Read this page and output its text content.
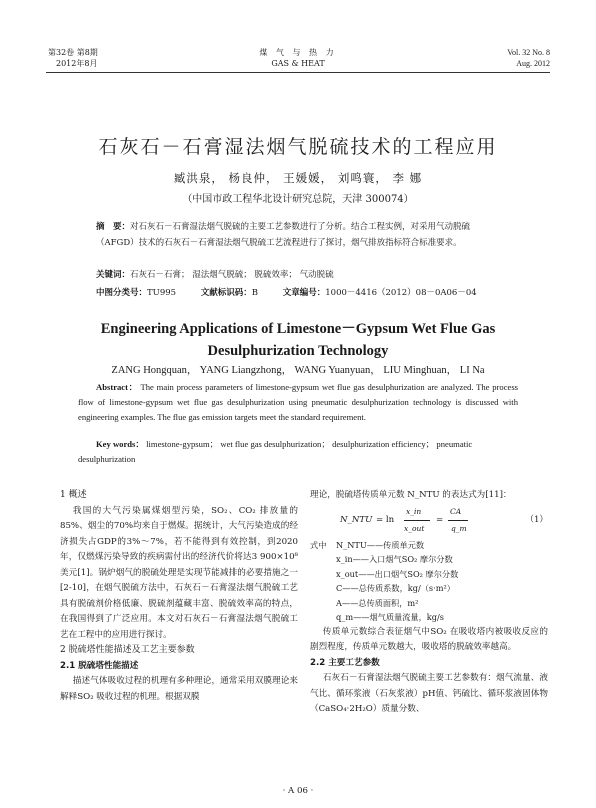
第32卷 第8期
2012年8月
煤 气 与 热 力
GAS & HEAT
Vol. 32 No. 8
Aug. 2012
石灰石－石膏湿法烟气脱硫技术的工程应用
臧洪泉， 杨良仲， 王媛媛， 刘鸣寰， 李 娜
（中国市政工程华北设计研究总院，天津 300074）

摘　要：对石灰石－石膏湿法烟气脱硫的主要工艺参数进行了分析。结合工程实例，对采用气动脱硫（AFGD）技术的石灰石－石膏湿法烟气脱硫工艺流程进行了探讨，烟气排放指标符合标准要求。

关键词：石灰石－石膏； 湿法烟气脱硫； 脱硫效率； 气动脱硫
中图分类号：TU995	文献标识码：B	文章编号：1000－4416（2012）08－0A06－04
Engineering Applications of Limestone－Gypsum Wet Flue Gas Desulphurization Technology
ZANG Hongquan， YANG Liangzhong， WANG Yuanyuan， LIU Minghuan， LI Na

Abstract： The main process parameters of limestone-gypsum wet flue gas desulphurization are analyzed. The process flow of limestone-gypsum wet flue gas desulphurization using pneumatic desulphurization technology is discussed with engineering examples. The flue gas emission targets meet the standard requirement.

Key words： limestone-gypsum； wet flue gas desulphurization； desulphurization efficiency； pneumatic desulphurization

1 概述

我国的大气污染属煤烟型污染，SO₂、CO₂ 排放量的85%、烟尘的70%均来自于燃煤。据统计，大气污染造成的经济损失占GDP的3%～7%，若不能得到有效控制，到2020年，仅燃煤污染导致的疾病需付出的经济代价将达3 900×10⁸ 美元[1]。锅炉烟气的脱硫处理是实现节能减排的必要措施之一[2-10]，在烟气脱硫方法中，石灰石－石膏湿法烟气脱硫工艺具有脱硫剂价格低廉、脱硫剂蕴藏丰富、脱硫效率高的特点，在我国得到了广泛应用。本文对石灰石－石膏湿法烟气脱硫工艺在工程中的应用进行探讨。

2 脱硫塔性能描述及工艺主要参数

2.1 脱硫塔性能描述

描述气体吸收过程的机理有多种理论，通常采用双膜理论来解释SO₂ 吸收过程的机理。根据双膜

理论，脱硫塔传质单元数 N_NTU 的表达式为[11]：

N_NTU = ln
x_in
x_out
=
CA
q_m
（1）
式中 N_NTU——传质单元数
x_in——入口烟气SO₂ 摩尔分数
x_out——出口烟气SO₂ 摩尔分数
C——总传质系数，kg/（s·m²）
A——总传质面积，m²
q_m——烟气质量流量，kg/s

传质单元数综合表征烟气中SO₂ 在吸收塔内被吸收反应的剧烈程度，传质单元数越大，吸收塔的脱硫效率越高。

2.2 主要工艺参数

石灰石－石膏湿法烟气脱硫主要工艺参数有：烟气流量、液气比、循环浆液（石灰浆液）pH值、钙硫比、循环浆液固体物（CaSO₄·2H₂O）质量分数、

· A 06 ·
